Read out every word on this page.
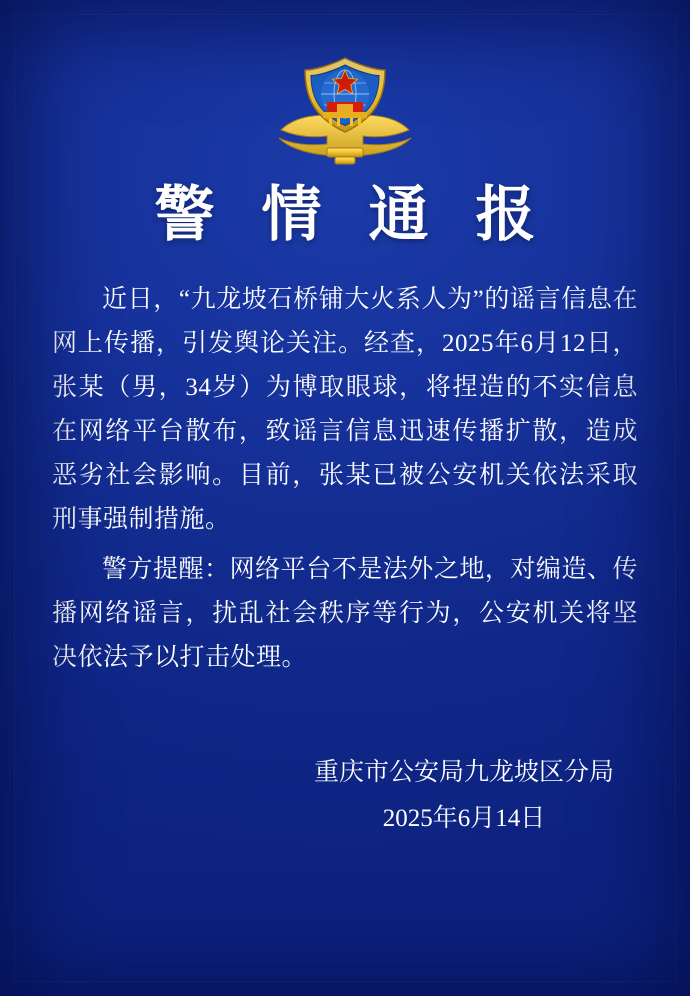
警 情 通 报

近日，“九龙坡石桥铺大火系人为”的谣言信息在网上传播，引发舆论关注。经查，2025年6月12日，张某（男，34岁）为博取眼球，将捏造的不实信息在网络平台散布，致谣言信息迅速传播扩散，造成恶劣社会影响。目前，张某已被公安机关依法采取刑事强制措施。

警方提醒：网络平台不是法外之地，对编造、传播网络谣言，扰乱社会秩序等行为，公安机关将坚决依法予以打击处理。

重庆市公安局九龙坡区分局
2025年6月14日
